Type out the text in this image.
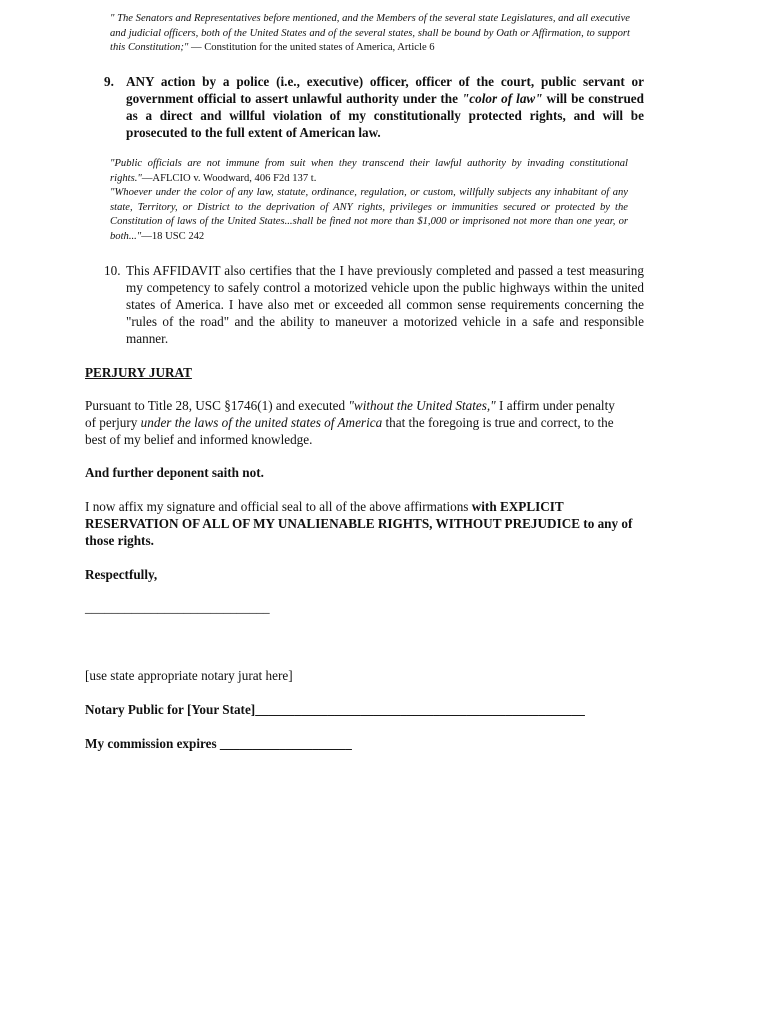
" The Senators and Representatives before mentioned, and the Members of the several state Legislatures, and all executive and judicial officers, both of the United States and of the several states, shall be bound by Oath or Affirmation, to support this Constitution;" — Constitution for the united states of America, Article 6
9. ANY action by a police (i.e., executive) officer, officer of the court, public servant or government official to assert unlawful authority under the "color of law" will be construed as a direct and willful violation of my constitutionally protected rights, and will be prosecuted to the full extent of American law.
"Public officials are not immune from suit when they transcend their lawful authority by invading constitutional rights."—AFLCIO v. Woodward, 406 F2d 137 t.
"Whoever under the color of any law, statute, ordinance, regulation, or custom, willfully subjects any inhabitant of any state, Territory, or District to the deprivation of ANY rights, privileges or immunities secured or protected by the Constitution of laws of the United States...shall be fined not more than $1,000 or imprisoned not more than one year, or both..."—18 USC 242
10. This AFFIDAVIT also certifies that the I have previously completed and passed a test measuring my competency to safely control a motorized vehicle upon the public highways within the united states of America. I have also met or exceeded all common sense requirements concerning the "rules of the road" and the ability to maneuver a motorized vehicle in a safe and responsible manner.
PERJURY JURAT
Pursuant to Title 28, USC §1746(1) and executed "without the United States," I affirm under penalty of perjury under the laws of the united states of America that the foregoing is true and correct, to the best of my belief and informed knowledge.
And further deponent saith not.
I now affix my signature and official seal to all of the above affirmations with EXPLICIT RESERVATION OF ALL OF MY UNALIENABLE RIGHTS, WITHOUT PREJUDICE to any of those rights.
Respectfully,
____________________________
[use state appropriate notary jurat here]
Notary Public for [Your State]__________________________________________________
My commission expires ____________________
